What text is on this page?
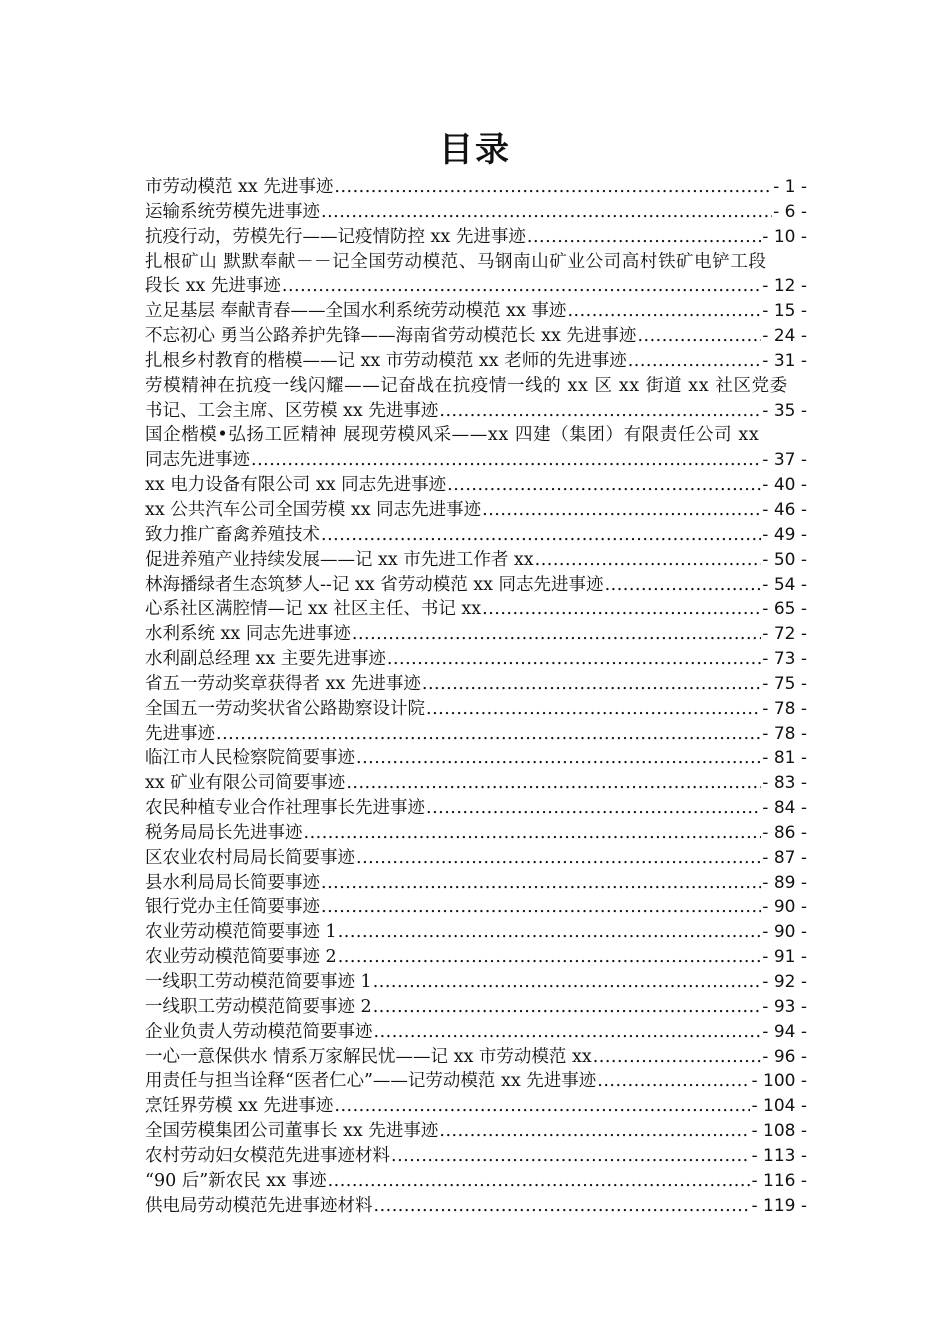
目录
市劳动模范 xx 先进事迹 .....	- 1 -
运输系统劳模先进事迹 .....	- 6 -
抗疫行动，劳模先行——记疫情防控 xx 先进事迹 .....	- 10 -
扎根矿山 默默奉献－－记全国劳动模范、马钢南山矿业公司高村铁矿电铲工段
段长 xx 先进事迹 .....	- 12 -
立足基层 奉献青春——全国水利系统劳动模范 xx 事迹 .....	- 15 -
不忘初心 勇当公路养护先锋——海南省劳动模范长 xx 先进事迹 .....	- 24 -
扎根乡村教育的楷模——记 xx 市劳动模范 xx 老师的先进事迹 .....	- 31 -
劳模精神在抗疫一线闪耀——记奋战在抗疫情一线的 xx 区 xx 街道 xx 社区党委
书记、工会主席、区劳模 xx 先进事迹 .....	- 35 -
国企楷模•弘扬工匠精神 展现劳模风采——xx 四建（集团）有限责任公司 xx
同志先进事迹 .....	- 37 -
xx 电力设备有限公司 xx 同志先进事迹 .....	- 40 -
xx 公共汽车公司全国劳模 xx 同志先进事迹 .....	- 46 -
致力推广畜禽养殖技术 .....	- 49 -
促进养殖产业持续发展——记 xx 市先进工作者 xx .....	- 50 -
林海播绿者生态筑梦人--记 xx 省劳动模范 xx 同志先进事迹 .....	- 54 -
心系社区满腔情—记 xx 社区主任、书记 xx .....	- 65 -
水利系统 xx 同志先进事迹 .....	- 72 -
水利副总经理 xx 主要先进事迹 .....	- 73 -
省五一劳动奖章获得者 xx 先进事迹 .....	- 75 -
全国五一劳动奖状省公路勘察设计院 .....	- 78 -
先进事迹 .....	- 78 -
临江市人民检察院简要事迹 .....	- 81 -
xx 矿业有限公司简要事迹 .....	- 83 -
农民种植专业合作社理事长先进事迹 .....	- 84 -
税务局局长先进事迹 .....	- 86 -
区农业农村局局长简要事迹 .....	- 87 -
县水利局局长简要事迹 .....	- 89 -
银行党办主任简要事迹 .....	- 90 -
农业劳动模范简要事迹 1 .....	- 90 -
农业劳动模范简要事迹 2 .....	- 91 -
一线职工劳动模范简要事迹 1 .....	- 92 -
一线职工劳动模范简要事迹 2 .....	- 93 -
企业负责人劳动模范简要事迹 .....	- 94 -
一心一意保供水 情系万家解民忧——记 xx 市劳动模范 xx .....	- 96 -
用责任与担当诠释“医者仁心”——记劳动模范 xx 先进事迹 .....	- 100 -
烹饪界劳模 xx 先进事迹 .....	- 104 -
全国劳模集团公司董事长 xx 先进事迹 .....	- 108 -
农村劳动妇女模范先进事迹材料 .....	- 113 -
“90 后”新农民 xx 事迹 .....	- 116 -
供电局劳动模范先进事迹材料 .....	- 119 -
